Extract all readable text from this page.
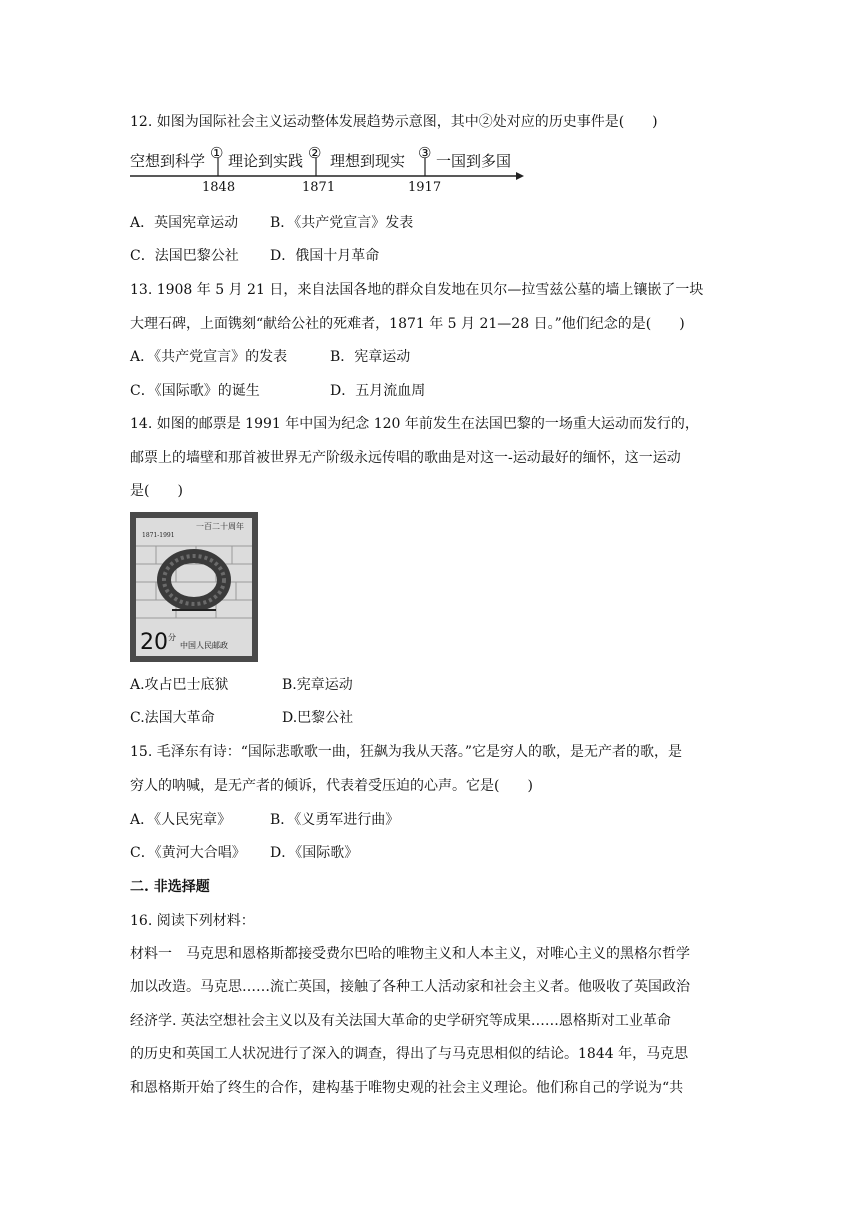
12. 如图为国际社会主义运动整体发展趋势示意图，其中②处对应的历史事件是(　　)
空想到科学 ① 理论到实践 ② 理想到现实 ③ 一国到多国
1848	1871	1917
A．英国宪章运动 B．《共产党宣言》发表
C．法国巴黎公社 D．俄国十月革命
13. 1908 年 5 月 21 日，来自法国各地的群众自发地在贝尔—拉雪兹公墓的墙上镶嵌了一块
大理石碑，上面镌刻“献给公社的死难者，1871 年 5 月 21—28 日。”他们纪念的是(　　)
A．《共产党宣言》的发表	B．宪章运动
C．《国际歌》的诞生	D．五月流血周
14. 如图的邮票是 1991 年中国为纪念 120 年前发生在法国巴黎的一场重大运动而发行的，
邮票上的墙壁和那首被世界无产阶级永远传唱的歌曲是对这一-运动最好的缅怀，这一运动
是(　　)
一百二十周年
1871-1991
20 分
中国人民邮政
A.攻占巴士底狱	B.宪章运动
C.法国大革命	D.巴黎公社
15. 毛泽东有诗：“国际悲歌歌一曲，狂飙为我从天落。”它是穷人的歌，是无产者的歌，是
穷人的呐喊，是无产者的倾诉，代表着受压迫的心声。它是(　　)
A．《人民宪章》	B．《义勇军进行曲》
C．《黄河大合唱》 D．《国际歌》
二. 非选择题
16. 阅读下列材料：
材料一　马克思和恩格斯都接受费尔巴哈的唯物主义和人本主义，对唯心主义的黑格尔哲学
加以改造。马克思……流亡英国，接触了各种工人活动家和社会主义者。他吸收了英国政治
经济学. 英法空想社会主义以及有关法国大革命的史学研究等成果……恩格斯对工业革命
的历史和英国工人状况进行了深入的调查，得出了与马克思相似的结论。1844 年，马克思
和恩格斯开始了终生的合作，建构基于唯物史观的社会主义理论。他们称自己的学说为“共
